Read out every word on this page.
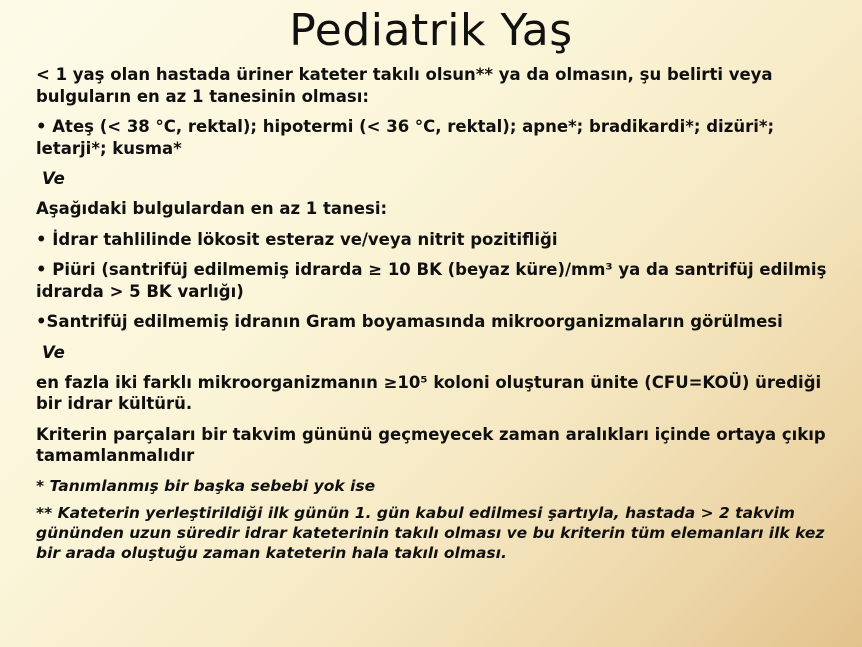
Pediatrik Yaş

< 1 yaş olan hastada üriner kateter takılı olsun** ya da olmasın, şu belirti veya bulguların en az 1 tanesinin olması:

• Ateş (< 38 °C, rektal); hipotermi (< 36 °C, rektal); apne*; bradikardi*; dizüri*; letarji*; kusma*

Ve

Aşağıdaki bulgulardan en az 1 tanesi:

• İdrar tahlilinde lökosit esteraz ve/veya nitrit pozitifliği

• Piüri (santrifüj edilmemiş idrarda ≥ 10 BK (beyaz küre)/mm³ ya da santrifüj edilmiş idrarda > 5 BK varlığı)

•Santrifüj edilmemiş idranın Gram boyamasında mikroorganizmaların görülmesi

Ve

en fazla iki farklı mikroorganizmanın ≥10⁵ koloni oluşturan ünite (CFU=KOÜ) ürediği bir idrar kültürü.

Kriterin parçaları bir takvim gününü geçmeyecek zaman aralıkları içinde ortaya çıkıp tamamlanmalıdır

* Tanımlanmış bir başka sebebi yok ise

** Kateterin yerleştirildiği ilk günün 1. gün kabul edilmesi şartıyla, hastada > 2 takvim gününden uzun süredir idrar kateterinin takılı olması ve bu kriterin tüm elemanları ilk kez bir arada oluştuğu zaman kateterin hala takılı olması.
